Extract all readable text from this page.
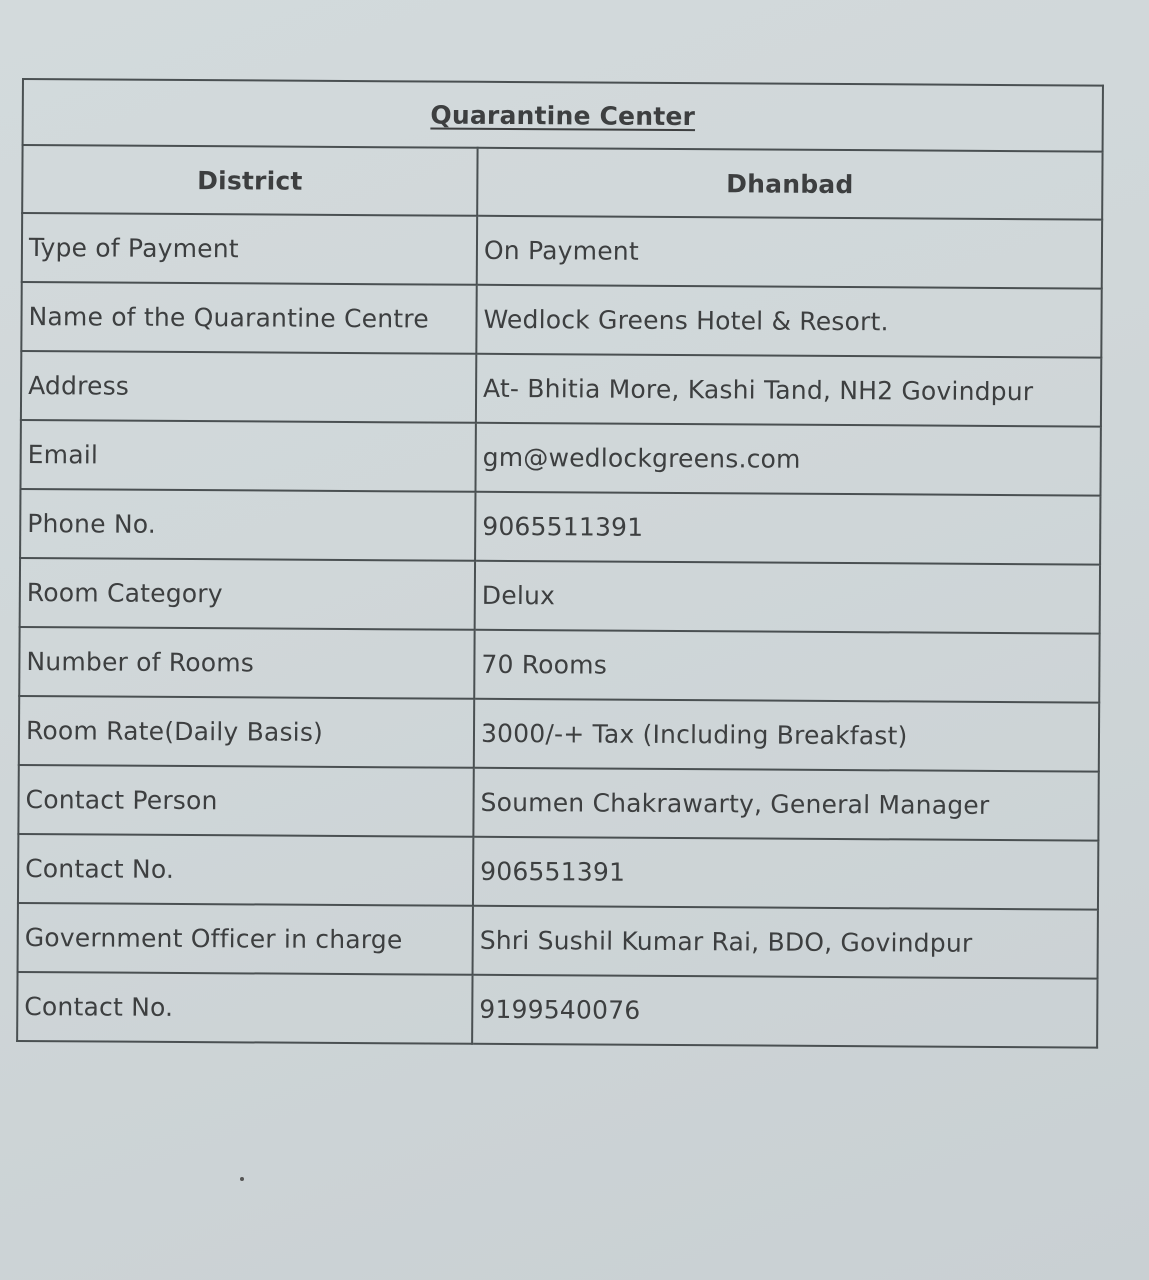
Quarantine Center	
District	Dhanbad
Type of Payment	On Payment
Name of the Quarantine Centre	Wedlock Greens Hotel & Resort.
Address	At- Bhitia More, Kashi Tand, NH2 Govindpur
Email	gm@wedlockgreens.com
Phone No.	9065511391
Room Category	Delux
Number of Rooms	70 Rooms
Room Rate(Daily Basis)	3000/-+ Tax (Including Breakfast)
Contact Person	Soumen Chakrawarty, General Manager
Contact No.	906551391
Government Officer in charge	Shri Sushil Kumar Rai, BDO, Govindpur
Contact No.	9199540076
